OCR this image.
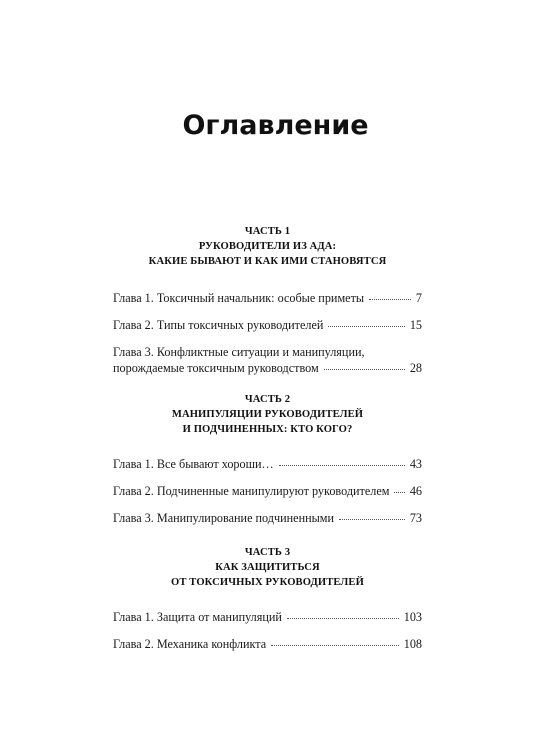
Оглавление
ЧАСТЬ 1
РУКОВОДИТЕЛИ ИЗ АДА:
КАКИЕ БЫВАЮТ И КАК ИМИ СТАНОВЯТСЯ
Глава 1. Токсичный начальник: особые приметы	7
Глава 2. Типы токсичных руководителей	15
Глава 3. Конфликтные ситуации и манипуляции,
порождаемые токсичным руководством	28
ЧАСТЬ 2
МАНИПУЛЯЦИИ РУКОВОДИТЕЛЕЙ
И ПОДЧИНЕННЫХ: КТО КОГО?
Глава 1. Все бывают хороши…	43
Глава 2. Подчиненные манипулируют руководителем 46
Глава 3. Манипулирование подчиненными	73
ЧАСТЬ 3
КАК ЗАЩИТИТЬСЯ
ОТ ТОКСИЧНЫХ РУКОВОДИТЕЛЕЙ
Глава 1. Защита от манипуляций	103
Глава 2. Механика конфликта	108
